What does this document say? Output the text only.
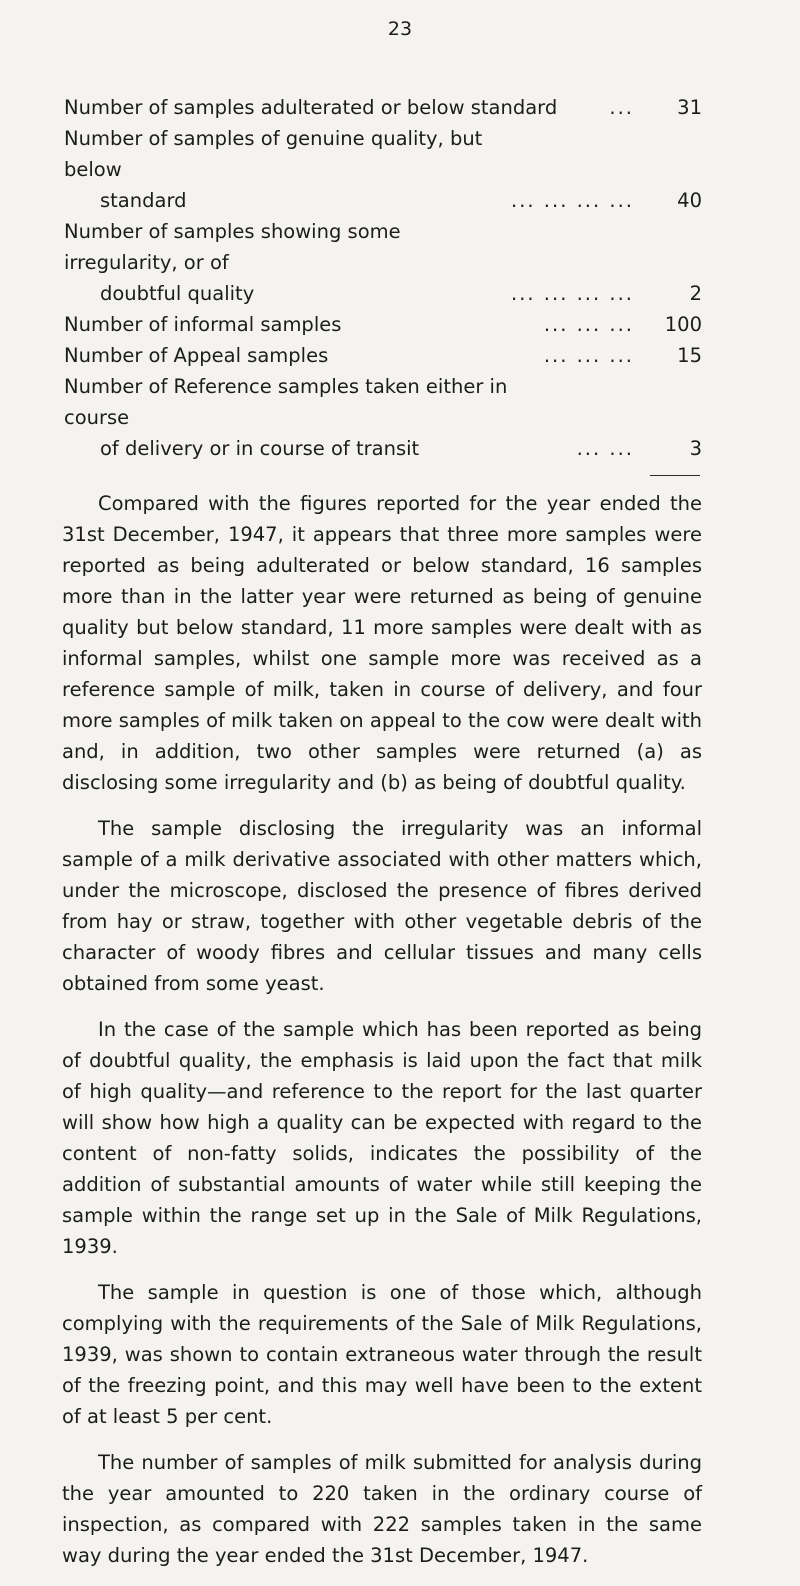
23
Number of samples adulterated or below standard	...	31
Number of samples of genuine quality, but below
standard	... ... ... ...	40
Number of samples showing some irregularity, or of
doubtful quality	... ... ... ...	2
Number of informal samples	... ... ...	100
Number of Appeal samples	... ... ...	15
Number of Reference samples taken either in course
of delivery or in course of transit	... ...	3

Compared with the figures reported for the year ended the 31st December, 1947, it appears that three more samples were reported as being adulterated or below standard, 16 samples more than in the latter year were returned as being of genuine quality but below standard, 11 more samples were dealt with as informal samples, whilst one sample more was received as a reference sample of milk, taken in course of delivery, and four more samples of milk taken on appeal to the cow were dealt with and, in addition, two other samples were returned (a) as disclosing some irregularity and (b) as being of doubtful quality.

The sample disclosing the irregularity was an informal sample of a milk derivative associated with other matters which, under the microscope, disclosed the presence of fibres derived from hay or straw, together with other vegetable debris of the character of woody fibres and cellular tissues and many cells obtained from some yeast.

In the case of the sample which has been reported as being of doubtful quality, the emphasis is laid upon the fact that milk of high quality—and reference to the report for the last quarter will show how high a quality can be expected with regard to the content of non-fatty solids, indicates the possibility of the addition of substantial amounts of water while still keeping the sample within the range set up in the Sale of Milk Regulations, 1939.

The sample in question is one of those which, although complying with the requirements of the Sale of Milk Regulations, 1939, was shown to contain extraneous water through the result of the freezing point, and this may well have been to the extent of at least 5 per cent.

The number of samples of milk submitted for analysis during the year amounted to 220 taken in the ordinary course of inspection, as compared with 222 samples taken in the same way during the year ended the 31st December, 1947.
